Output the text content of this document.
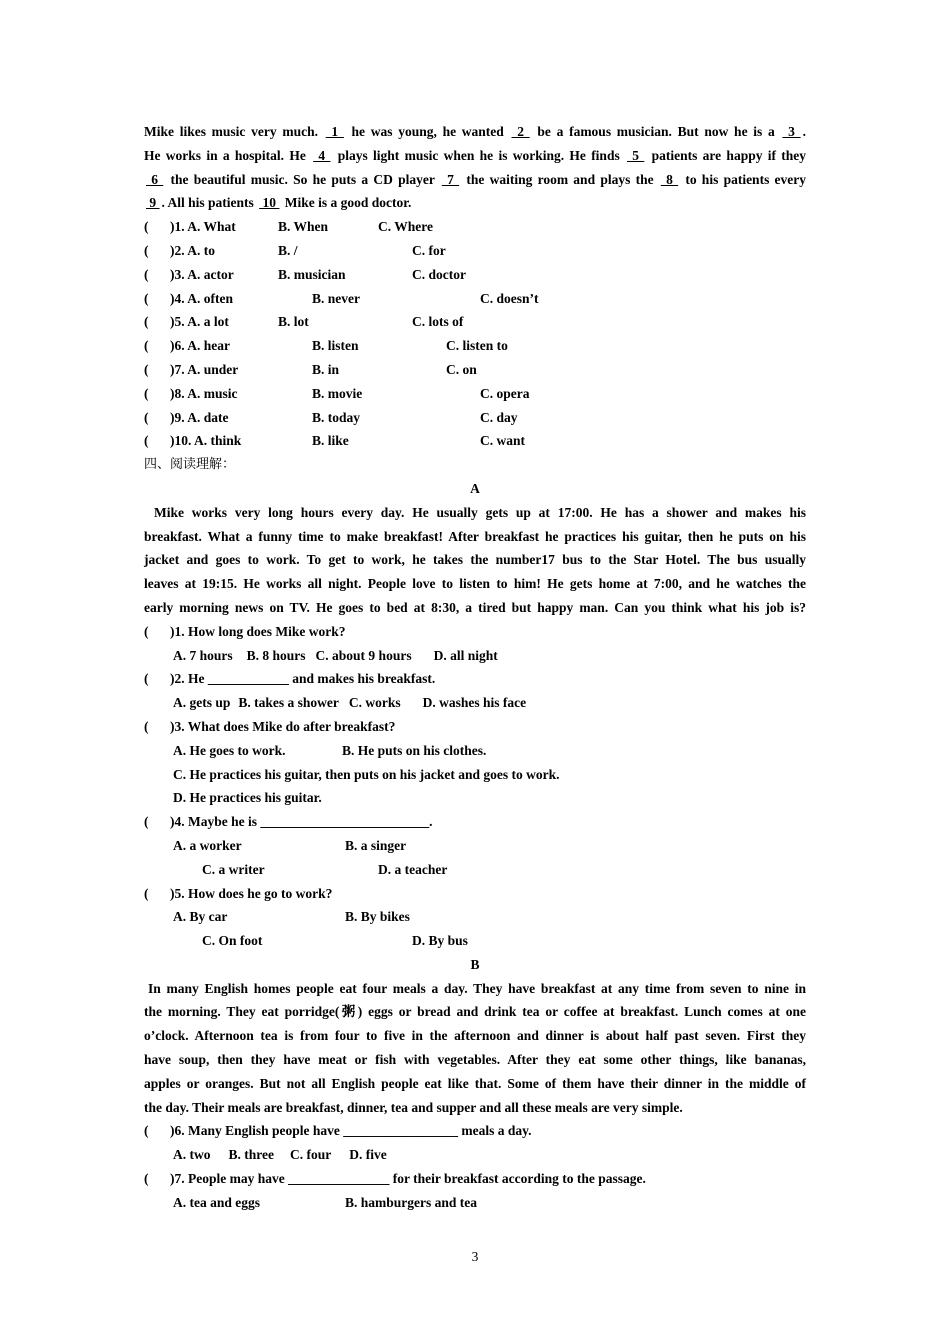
Mike likes music very much.  1  he was young, he wanted  2  be a famous musician. But now he is a  3 .
He works in a hospital. He  4  plays light music when he is working. He finds  5  patients are happy if they
6  the beautiful music. So he puts a CD player  7  the waiting room and plays the  8  to his patients every
9 . All his patients  10  Mike is a good doctor.
( )1. A. What	B. When	C. Where
( )2. A. to	B. /	C. for
( )3. A. actor	B. musician	C. doctor
( )4. A. often	B. never	C. doesn’t
( )5. A. a lot	B. lot	C. lots of
( )6. A. hear	B. listen	C. listen to
( )7. A. under	B. in	C. on
( )8. A. music	B. movie	C. opera
( )9. A. date	B. today	C. day
( )10. A. think	B. like	C. want
四、阅读理解：
A
Mike works very long hours every day. He usually gets up at 17:00. He has a shower and makes his
breakfast. What a funny time to make breakfast! After breakfast he practices his guitar, then he puts on his
jacket and goes to work. To get to work, he takes the number17 bus to the Star Hotel. The bus usually
leaves at 19:15. He works all night. People love to listen to him! He gets home at 7:00, and he watches the
early morning news on TV. He goes to bed at 8:30, a tired but happy man. Can you think what his job is?
( )1. How long does Mike work?
A. 7 hours B. 8 hours C. about 9 hours D. all night
( )2. He ____________ and makes his breakfast.
A. gets up B. takes a shower C. works D. washes his face
( )3. What does Mike do after breakfast?
A. He goes to work.	B. He puts on his clothes.
C. He practices his guitar, then puts on his jacket and goes to work.
D. He practices his guitar.
( )4. Maybe he is _________________________.
A. a worker	B. a singer
C. a writer	D. a teacher
( )5. How does he go to work?
A. By car	B. By bikes
C. On foot	D. By bus
B
In many English homes people eat four meals a day. They have breakfast at any time from seven to nine in
the morning. They eat porridge(粥) eggs or bread and drink tea or coffee at breakfast. Lunch comes at one
o’clock. Afternoon tea is from four to five in the afternoon and dinner is about half past seven. First they
have soup, then they have meat or fish with vegetables. After they eat some other things, like bananas,
apples or oranges. But not all English people eat like that. Some of them have their dinner in the middle of
the day. Their meals are breakfast, dinner, tea and supper and all these meals are very simple.
( )6. Many English people have _________________ meals a day.
A. two B. three C. four D. five
( )7. People may have _______________ for their breakfast according to the passage.
A. tea and eggs	B. hamburgers and tea
3
